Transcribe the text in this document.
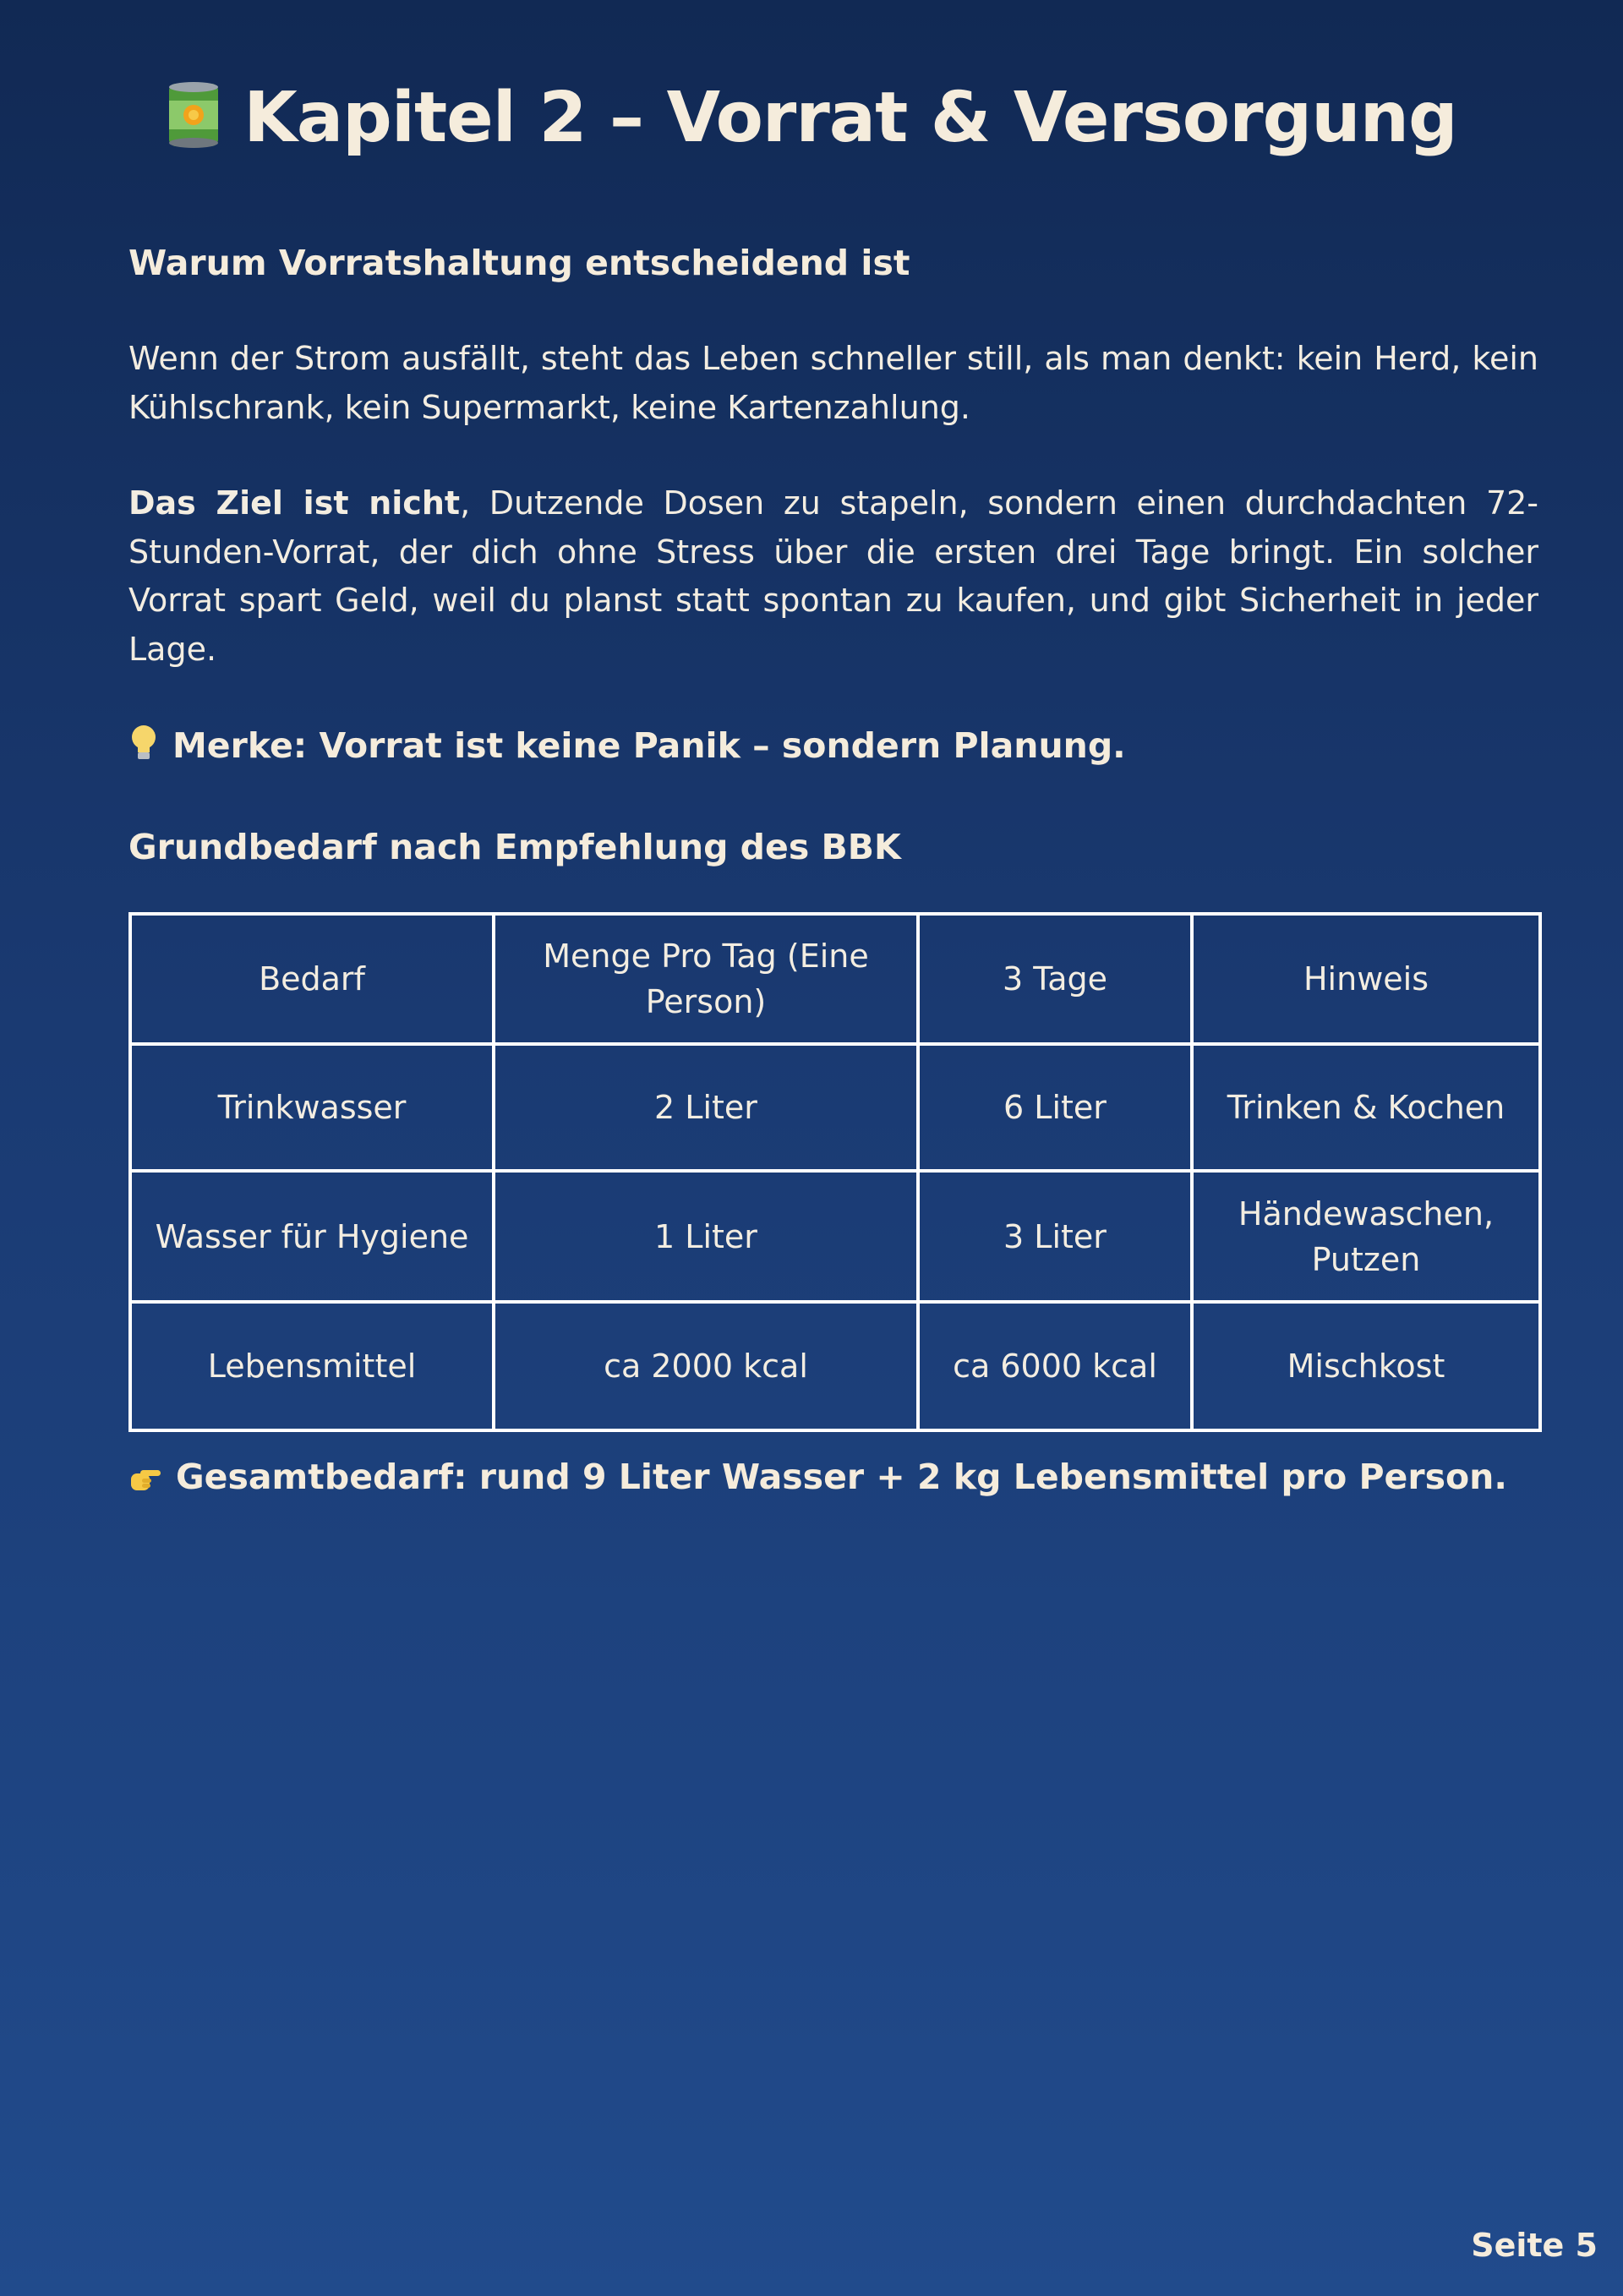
Kapitel 2 – Vorrat & Versorgung
Warum Vorratshaltung entscheidend ist

Wenn der Strom ausfällt, steht das Leben schneller still, als man denkt: kein Herd, kein Kühlschrank, kein Supermarkt, keine Kartenzahlung.

Das Ziel ist nicht, Dutzende Dosen zu stapeln, sondern einen durchdachten 72-Stunden-Vorrat, der dich ohne Stress über die ersten drei Tage bringt. Ein solcher Vorrat spart Geld, weil du planst statt spontan zu kaufen, und gibt Sicherheit in jeder Lage.

Merke: Vorrat ist keine Panik – sondern Planung.
Grundbedarf nach Empfehlung des BBK
Bedarf	Menge Pro Tag (Eine Person)	3 Tage	Hinweis
Trinkwasser	2 Liter	6 Liter	Trinken & Kochen
Wasser für Hygiene	1 Liter	3 Liter	Händewaschen, Putzen
Lebensmittel	ca 2000 kcal	ca 6000 kcal	Mischkost
Gesamtbedarf: rund 9 Liter Wasser + 2 kg Lebensmittel pro Person.
Seite 5
